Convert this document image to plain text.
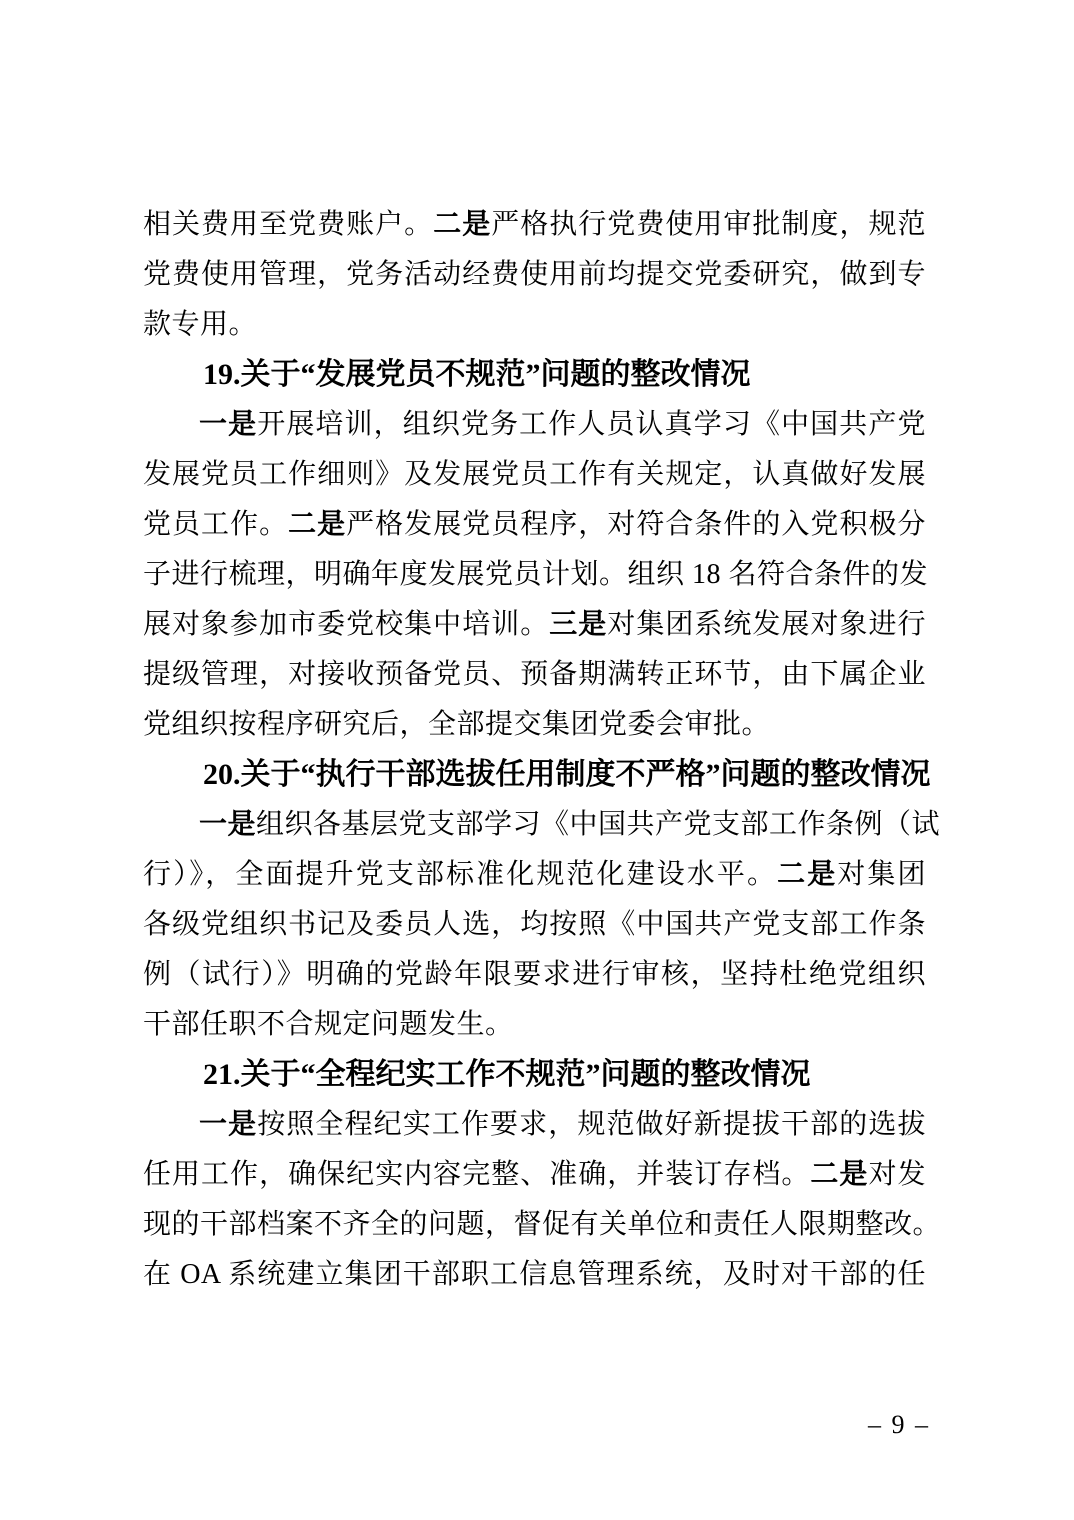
相关费用至党费账户。二是严格执行党费使用审批制度，规范
党费使用管理，党务活动经费使用前均提交党委研究，做到专
款专用。
19.关于“发展党员不规范”问题的整改情况
一是开展培训，组织党务工作人员认真学习《中国共产党
发展党员工作细则》及发展党员工作有关规定，认真做好发展
党员工作。二是严格发展党员程序，对符合条件的入党积极分
子进行梳理，明确年度发展党员计划。组织 18 名符合条件的发
展对象参加市委党校集中培训。三是对集团系统发展对象进行
提级管理，对接收预备党员、预备期满转正环节，由下属企业
党组织按程序研究后，全部提交集团党委会审批。
20.关于“执行干部选拔任用制度不严格”问题的整改情况
一是组织各基层党支部学习《中国共产党支部工作条例（试
行）》，全面提升党支部标准化规范化建设水平。二是对集团
各级党组织书记及委员人选，均按照《中国共产党支部工作条
例（试行）》明确的党龄年限要求进行审核，坚持杜绝党组织
干部任职不合规定问题发生。
21.关于“全程纪实工作不规范”问题的整改情况
一是按照全程纪实工作要求，规范做好新提拔干部的选拔
任用工作，确保纪实内容完整、准确，并装订存档。二是对发
现的干部档案不齐全的问题，督促有关单位和责任人限期整改。
在 OA 系统建立集团干部职工信息管理系统，及时对干部的任
– 9 –
